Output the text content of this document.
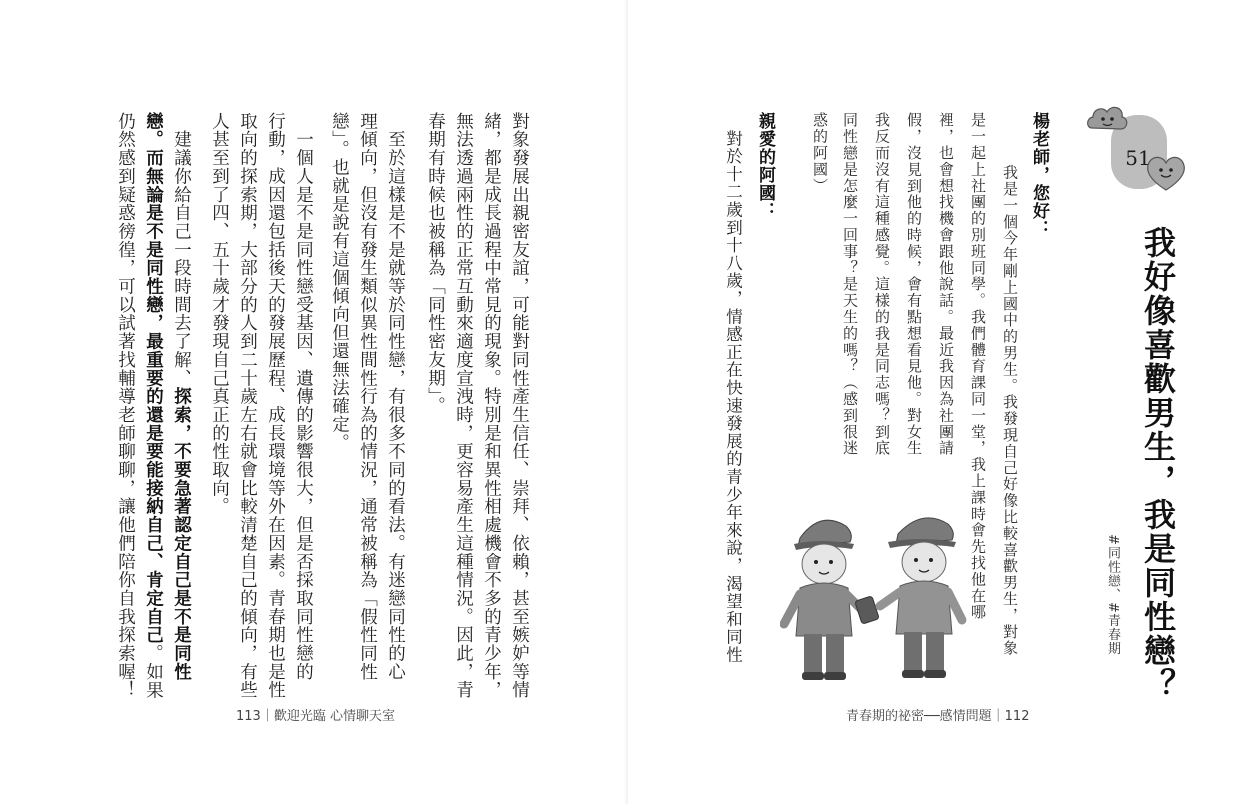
對象發展出親密友誼，可能對同性產生信任、崇拜、依賴，甚至嫉妒等情
緒，都是成長過程中常見的現象。特別是和異性相處機會不多的青少年，
無法透過兩性的正常互動來適度宣洩時，更容易產生這種情況。因此，青
春期有時候也被稱為「同性密友期」。
　至於這樣是不是就等於同性戀，有很多不同的看法。有迷戀同性的心
理傾向，但沒有發生類似異性間性行為的情況，通常被稱為「假性同性
戀」。也就是說有這個傾向但還無法確定。
　一個人是不是同性戀受基因、遺傳的影響很大，但是否採取同性戀的
行動，成因還包括後天的發展歷程、成長環境等外在因素。青春期也是性
取向的探索期，大部分的人到二十歲左右就會比較清楚自己的傾向，有些
人甚至到了四、五十歲才發現自己真正的性取向。
　建議你給自己一段時間去了解、探索，不要急著認定自己是不是同性
戀。而無論是不是同性戀，最重要的還是要能接納自己、肯定自己。如果
仍然感到疑惑徬徨，可以試著找輔導老師聊聊，讓他們陪你自我探索喔！
113｜歡迎光臨 心情聊天室
51
我好像喜歡男生，我是同性戀？
#同性戀、#青春期
楊老師，您好：
　我是一個今年剛上國中的男生。我發現自己好像比較喜歡男生，對象
是一起上社團的別班同學。我們體育課同一堂，我上課時會先找他在哪
裡，也會想找機會跟他說話。最近我因為社團請
假，沒見到他的時候，會有點想看見他。對女生
我反而沒有這種感覺。這樣的我是同志嗎？到底
同性戀是怎麼一回事？是天生的嗎？（感到很迷
惑的阿國）
親愛的阿國：
　對於十二歲到十八歲，情感正在快速發展的青少年來說，渴望和同性
青春期的祕密──感情問題｜112
